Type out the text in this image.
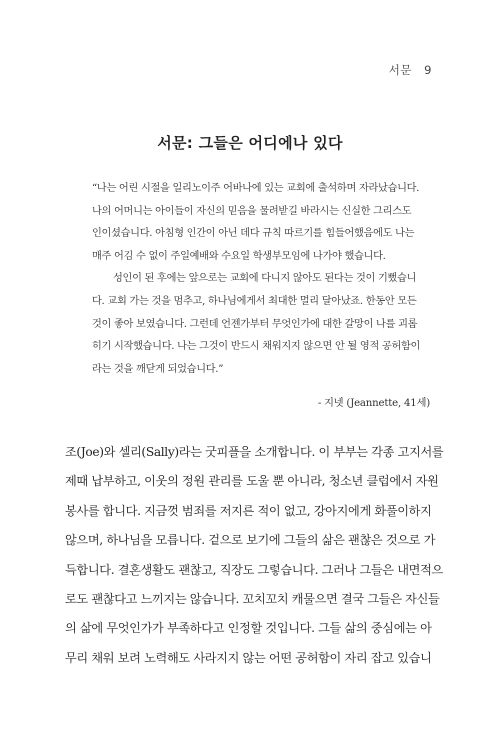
서문 9
서문: 그들은 어디에나 있다
“나는 어린 시절을 일리노이주 어바나에 있는 교회에 출석하며 자라났습니다.
나의 어머니는 아이들이 자신의 믿음을 물려받길 바라시는 신실한 그리스도
인이셨습니다. 아침형 인간이 아닌 데다 규칙 따르기를 힘들어했음에도 나는
매주 어김 수 없이 주일예배와 수요일 학생부모임에 나가야 했습니다.
성인이 된 후에는 앞으로는 교회에 다니지 않아도 된다는 것이 기뻤습니
다. 교회 가는 것을 멈추고, 하나님에게서 최대한 멀리 달아났죠. 한동안 모든
것이 좋아 보였습니다. 그런데 언젠가부터 무엇인가에 대한 갈망이 나를 괴롭
히기 시작했습니다. 나는 그것이 반드시 채워지지 않으면 안 될 영적 공허함이
라는 것을 깨닫게 되었습니다.”
- 지넷 (Jeannette, 41세)
조(Joe)와 셀리(Sally)라는 굿피플을 소개합니다. 이 부부는 각종 고지서를
제때 납부하고, 이웃의 정원 관리를 도울 뿐 아니라, 청소년 클럽에서 자원
봉사를 합니다. 지금껏 범죄를 저지른 적이 없고, 강아지에게 화풀이하지
않으며, 하나님을 모릅니다. 겉으로 보기에 그들의 삶은 괜찮은 것으로 가
득합니다. 결혼생활도 괜찮고, 직장도 그렇습니다. 그러나 그들은 내면적으
로도 괜찮다고 느끼지는 않습니다. 꼬치꼬치 캐물으면 결국 그들은 자신들
의 삶에 무엇인가가 부족하다고 인정할 것입니다. 그들 삶의 중심에는 아
무리 채워 보려 노력해도 사라지지 않는 어떤 공허함이 자리 잡고 있습니
